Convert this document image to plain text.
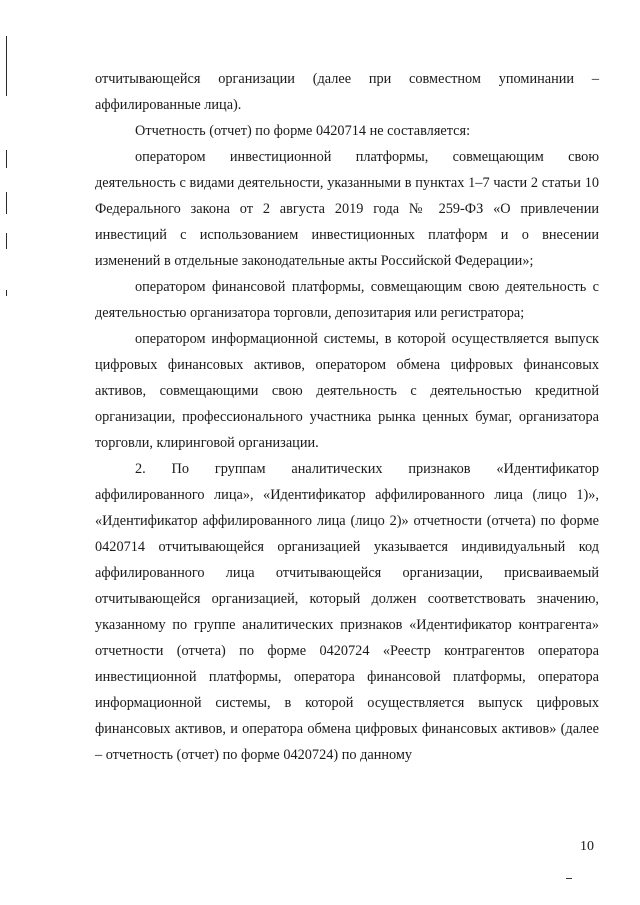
отчитывающейся организации (далее при совместном упоминании – аффилированные лица).

Отчетность (отчет) по форме 0420714 не составляется:

оператором инвестиционной платформы, совмещающим свою деятельность с видами деятельности, указанными в пунктах 1–7 части 2 статьи 10 Федерального закона от 2 августа 2019 года № 259-ФЗ «О привлечении инвестиций с использованием инвестиционных платформ и о внесении изменений в отдельные законодательные акты Российской Федерации»;

оператором финансовой платформы, совмещающим свою деятельность с деятельностью организатора торговли, депозитария или регистратора;

оператором информационной системы, в которой осуществляется выпуск цифровых финансовых активов, оператором обмена цифровых финансовых активов, совмещающими свою деятельность с деятельностью кредитной организации, профессионального участника рынка ценных бумаг, организатора торговли, клиринговой организации.

2. По группам аналитических признаков «Идентификатор аффилированного лица», «Идентификатор аффилированного лица (лицо 1)», «Идентификатор аффилированного лица (лицо 2)» отчетности (отчета) по форме 0420714 отчитывающейся организацией указывается индивидуальный код аффилированного лица отчитывающейся организации, присваиваемый отчитывающейся организацией, который должен соответствовать значению, указанному по группе аналитических признаков «Идентификатор контрагента» отчетности (отчета) по форме 0420724 «Реестр контрагентов оператора инвестиционной платформы, оператора финансовой платформы, оператора информационной системы, в которой осуществляется выпуск цифровых финансовых активов, и оператора обмена цифровых финансовых активов» (далее – отчетность (отчет) по форме 0420724) по данному

10
